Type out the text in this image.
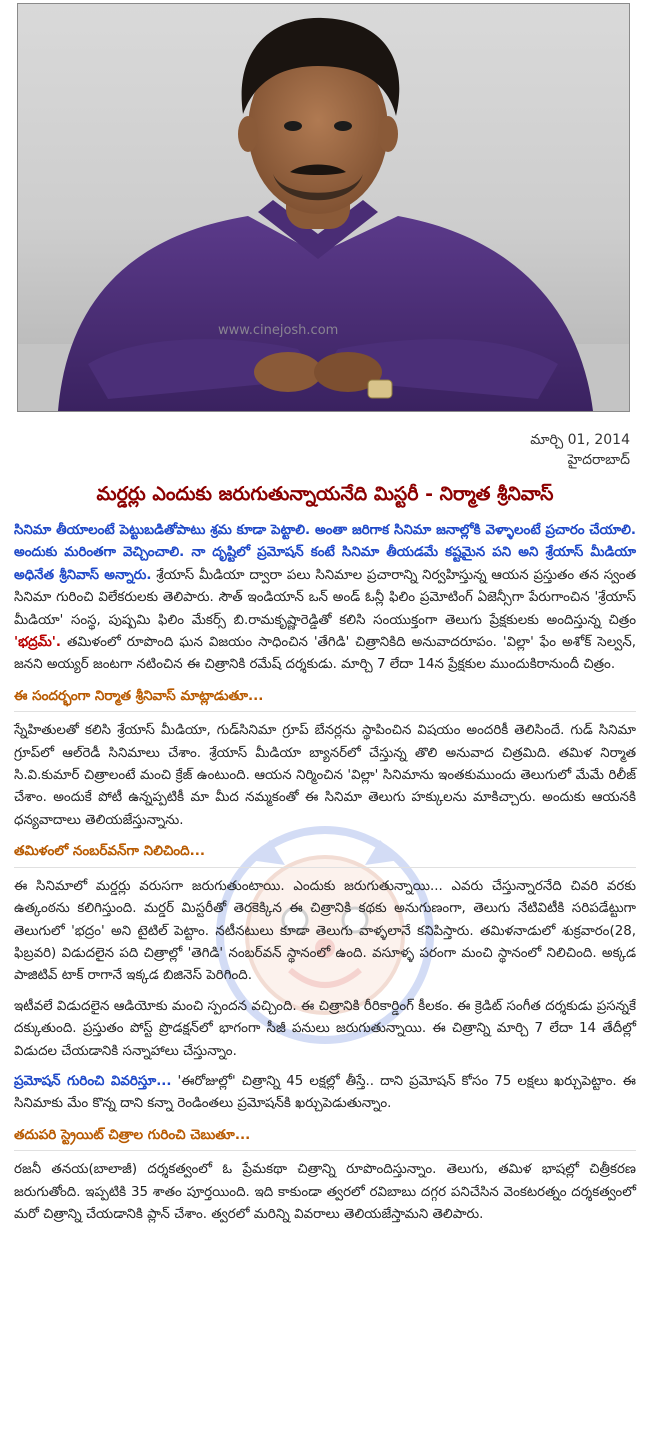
www.cinejosh.com
మార్చి 01, 2014
హైదరాబాద్
మర్డర్లు ఎందుకు జరుగుతున్నాయనేది మిస్టరీ - నిర్మాత శ్రీనివాస్

సినిమా తీయాలంటే పెట్టుబడితోపాటు శ్రమ కూడా పెట్టాలి. అంతా జరిగాక సినిమా జనాల్లోకి వెళ్ళాలంటే ప్రచారం చేయాలి. అందుకు మరింతగా వెచ్చించాలి. నా దృష్టిలో ప్రమోషన్ కంటే సినిమా తీయడమే కష్టమైన పని అని శ్రేయాస్ మీడియా అధినేత శ్రీనివాస్ అన్నారు. శ్రేయాస్ మీడియా ద్వారా పలు సినిమాల ప్రచారాన్ని నిర్వహిస్తున్న ఆయన ప్రస్తుతం తన స్వంత సినిమా గురించి విలేకరులకు తెలిపారు. సౌత్ ఇండియాన్ ఒన్ అండ్ ఓన్లీ ఫిలిం ప్రమోటింగ్ ఏజెన్సీగా పేరుగాంచిన 'శ్రేయాస్ మీడియా' సంస్థ, పుష్పమి ఫిలిం మేకర్స్ బి.రామకృష్ణారెడ్డితో కలిసి సంయుక్తంగా తెలుగు ప్రేక్షకులకు అందిస్తున్న చిత్రం 'భద్రమ్'. తమిళంలో రూపొంది ఘన విజయం సాధించిన 'తేగిడి' చిత్రానికిది అనువాదరూపం. 'విల్లా' ఫేం అశోక్ సెల్వన్, జనని అయ్యర్ జంటగా నటించిన ఈ చిత్రానికి రమేష్ దర్శకుడు. మార్చి 7 లేదా 14న ప్రేక్షకుల ముందుకిరానుందీ చిత్రం.

ఈ సందర్భంగా నిర్మాత శ్రీనివాస్ మాట్లాడుతూ...

స్నేహితులతో కలిసి శ్రేయాస్ మీడియా, గుడ్‌సినిమా గ్రూప్ బేనర్లను స్థాపించిన విషయం అందరికీ తెలిసిందే. గుడ్ సినిమా గ్రూప్‌లో ఆల్‌రెడీ సినిమాలు చేశాం. శ్రేయాస్ మీడియా బ్యానర్‌లో చేస్తున్న తొలి అనువాద చిత్రమిది. తమిళ నిర్మాత సి.వి.కుమార్ చిత్రాలంటే మంచి క్రేజ్ ఉంటుంది. ఆయన నిర్మించిన 'విల్లా' సినిమాను ఇంతకుముందు తెలుగులో మేమే రిలీజ్ చేశాం. అందుకే పోటీ ఉన్నప్పటికీ మా మీద నమ్మకంతో ఈ సినిమా తెలుగు హక్కులను మాకిచ్చారు. అందుకు ఆయనకి ధన్యవాదాలు తెలియజేస్తున్నాను.

తమిళంలో నంబర్‌వన్‌గా నిలిచింది...

ఈ సినిమాలో మర్డర్లు వరుసగా జరుగుతుంటాయి. ఎందుకు జరుగుతున్నాయి... ఎవరు చేస్తున్నారనేది చివరి వరకు ఉత్కంఠను కలిగిస్తుంది. మర్డర్ మిస్టరీతో తెరకెక్కిన ఈ చిత్రానికి కథకు అనుగుణంగా, తెలుగు నేటివిటీకి సరిపడేట్టుగా తెలుగులో 'భద్రం' అని టైటిల్ పెట్టాం. నటీనటులు కూడా తెలుగు వాళ్ళలానే కనిపిస్తారు. తమిళనాడులో శుక్రవారం(28, ఫిబ్రవరి) విడుదలైన పది చిత్రాల్లో 'తెగిడి' నంబర్‌వన్ స్థానంలో ఉంది. వసూళ్ళ పరంగా మంచి స్థానంలో నిలిచింది. అక్కడ పాజిటివ్ టాక్ రాగానే ఇక్కడ బిజినెస్ పెరిగింది.

ఇటీవలే విడుదలైన ఆడియోకు మంచి స్పందన వచ్చింది. ఈ చిత్రానికి రీరికార్డింగ్ కీలకం. ఈ క్రెడిట్ సంగీత దర్శకుడు ప్రసన్నకే దక్కుతుంది. ప్రస్తుతం పోస్ట్ ప్రొడక్షన్‌లో భాగంగా సీజీ పనులు జరుగుతున్నాయి. ఈ చిత్రాన్ని మార్చి 7 లేదా 14 తేదీల్లో విడుదల చేయడానికి సన్నాహాలు చేస్తున్నాం.

ప్రమోషన్ గురించి వివరిస్తూ... 'ఈరోజుల్లో' చిత్రాన్ని 45 లక్షల్లో తీస్తే.. దాని ప్రమోషన్ కోసం 75 లక్షలు ఖర్చుపెట్టాం. ఈ సినిమాకు మేం కొన్న దాని కన్నా రెండింతలు ప్రమోషన్‌కి ఖర్చుపెడుతున్నాం.

తదుపరి స్ట్రెయిట్ చిత్రాల గురించి చెబుతూ...

రజనీ తనయ(బాలాజీ) దర్శకత్వంలో ఓ ప్రేమకథా చిత్రాన్ని రూపొందిస్తున్నాం. తెలుగు, తమిళ భాషల్లో చిత్రీకరణ జరుగుతోంది. ఇప్పటికి 35 శాతం పూర్తయింది. ఇది కాకుండా త్వరలో రవిబాబు దగ్గర పనిచేసిన వెంకటరత్నం దర్శకత్వంలో మరో చిత్రాన్ని చేయడానికి ప్లాన్ చేశాం. త్వరలో మరిన్ని వివరాలు తెలియజేస్తామని తెలిపారు.
